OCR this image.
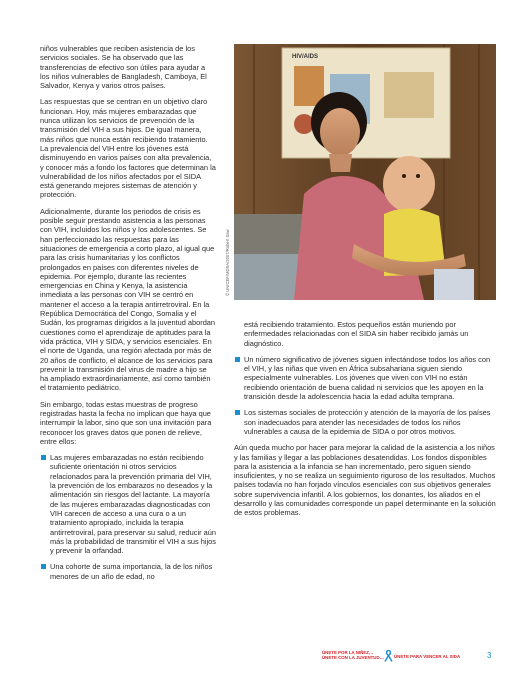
niños vulnerables que reciben asistencia de los servicios sociales. Se ha observado que las transferencias de efectivo son útiles para ayudar a los niños vulnerables de Bangladesh, Camboya, El Salvador, Kenya y varios otros países.

Las respuestas que se centran en un objetivo claro funcionan. Hoy, más mujeres embarazadas que nunca utilizan los servicios de prevención de la transmisión del VIH a sus hijos. De igual manera, más niños que nunca están recibiendo tratamiento. La prevalencia del VIH entre los jóvenes está disminuyendo en varios países con alta prevalencia, y conocer más a fondo los factores que determinan la vulnerabilidad de los niños afectados por el SIDA está generando mejores sistemas de atención y protección.

Adicionalmente, durante los periodos de crisis es posible seguir prestando asistencia a las personas con VIH, incluidos los niños y los adolescentes. Se han perfeccionado las respuestas para las situaciones de emergencia a corto plazo, al igual que para las crisis humanitarias y los conflictos prolongados en países con diferentes niveles de epidemia. Por ejemplo, durante las recientes emergencias en China y Kenya, la asistencia inmediata a las personas con VIH se centró en mantener el acceso a la terapia antirretroviral. En la República Democrática del Congo, Somalia y el Sudán, los programas dirigidos a la juventud abordan cuestiones como el aprendizaje de aptitudes para la vida práctica, VIH y SIDA, y servicios esenciales. En el norte de Uganda, una región afectada por más de 20 años de conflicto, el alcance de los servicios para prevenir la transmisión del virus de madre a hijo se ha ampliado extraordinariamente, así como también el tratamiento pediátrico.

Sin embargo, todas estas muestras de progreso registradas hasta la fecha no implican que haya que interrumpir la labor, sino que son una invitación para reconocer los graves datos que ponen de relieve, entre ellos:

Las mujeres embarazadas no están recibiendo suficiente orientación ni otros servicios relacionados para la prevención primaria del VIH, la prevención de los embarazos no deseados y la alimentación sin riesgos del lactante. La mayoría de las mujeres embarazadas diagnosticadas con VIH carecen de acceso a una cura o a un tratamiento apropiado, incluida la terapia antirretroviral, para preservar su salud, reducir aún más la probabilidad de transmitir el VIH a sus hijos y prevenir la orfandad.
Una cohorte de suma importancia, la de los niños menores de un año de edad, no
HIV/AIDS
© UNICEF/MDSA/2007/Robert Saw

está recibiendo tratamiento. Estos pequeños están muriendo por enfermedades relacionadas con el SIDA sin haber recibido jamás un diagnóstico.

Un número significativo de jóvenes siguen infectándose todos los años con el VIH, y las niñas que viven en África subsahariana siguen siendo especialmente vulnerables. Los jóvenes que viven con VIH no están recibiendo orientación de buena calidad ni servicios que les apoyen en la transición desde la adolescencia hacia la edad adulta temprana.
Los sistemas sociales de protección y atención de la mayoría de los países son inadecuados para atender las necesidades de todos los niños vulnerables a causa de la epidemia de SIDA o por otros motivos.

Aún queda mucho por hacer para mejorar la calidad de la asistencia a los niños y las familias y llegar a las poblaciones desatendidas. Los fondos disponibles para la asistencia a la infancia se han incrementado, pero siguen siendo insuficientes, y no se realiza un seguimiento riguroso de los resultados. Muchos países todavía no han forjado vínculos esenciales con sus objetivos generales sobre supervivencia infantil. A los gobiernos, los donantes, los aliados en el desarrollo y las comunidades corresponde un papel determinante en la solución de estos problemas.

ÚNETE POR LA NIÑEZ…
ÚNETE CON LA JUVENTUD… ÚNETE PARA VENCER AL SIDA	3
